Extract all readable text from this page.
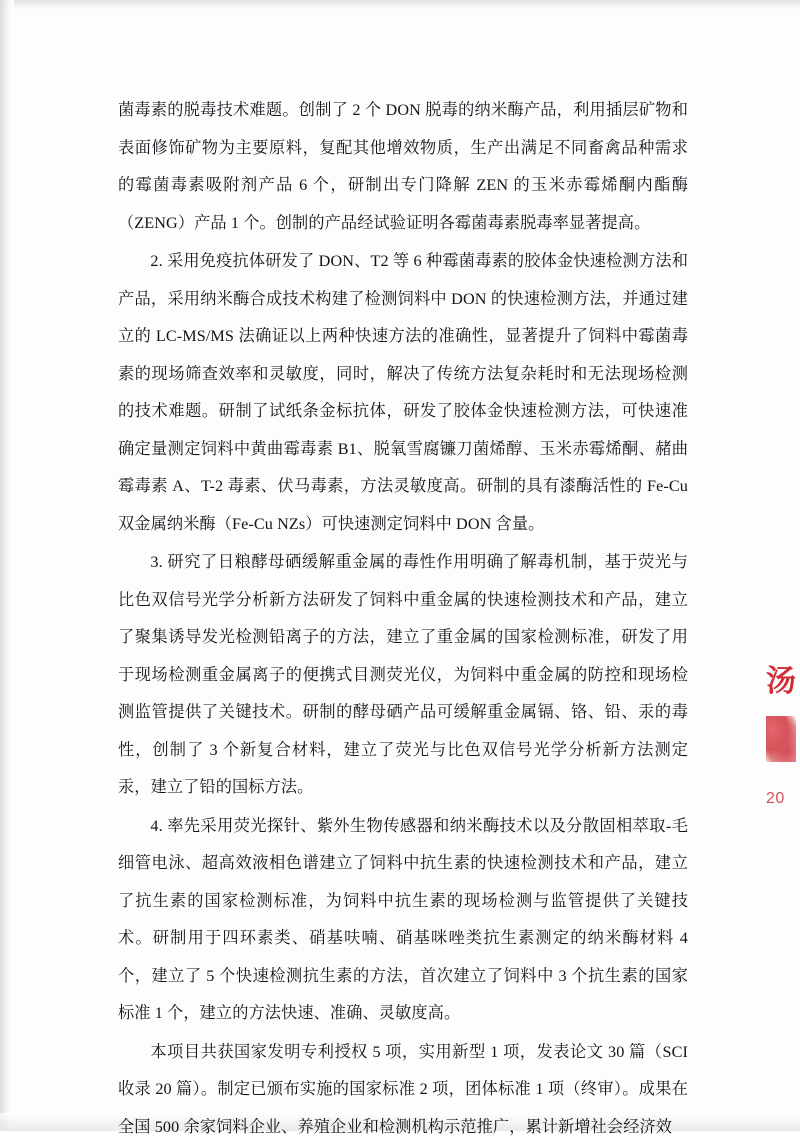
菌毒素的脱毒技术难题。创制了 2 个 DON 脱毒的纳米酶产品，利用插层矿物和表面修饰矿物为主要原料，复配其他增效物质，生产出满足不同畜禽品种需求的霉菌毒素吸附剂产品 6 个，研制出专门降解 ZEN 的玉米赤霉烯酮内酯酶（ZENG）产品 1 个。创制的产品经试验证明各霉菌毒素脱毒率显著提高。

2. 采用免疫抗体研发了 DON、T2 等 6 种霉菌毒素的胶体金快速检测方法和产品，采用纳米酶合成技术构建了检测饲料中 DON 的快速检测方法，并通过建立的 LC-MS/MS 法确证以上两种快速方法的准确性，显著提升了饲料中霉菌毒素的现场筛查效率和灵敏度，同时，解决了传统方法复杂耗时和无法现场检测的技术难题。研制了试纸条金标抗体，研发了胶体金快速检测方法，可快速准确定量测定饲料中黄曲霉毒素 B1、脱氧雪腐镰刀菌烯醇、玉米赤霉烯酮、赭曲霉毒素 A、T-2 毒素、伏马毒素，方法灵敏度高。研制的具有漆酶活性的 Fe-Cu 双金属纳米酶（Fe-Cu NZs）可快速测定饲料中 DON 含量。

3. 研究了日粮酵母硒缓解重金属的毒性作用明确了解毒机制，基于荧光与比色双信号光学分析新方法研发了饲料中重金属的快速检测技术和产品，建立了聚集诱导发光检测铅离子的方法，建立了重金属的国家检测标准，研发了用于现场检测重金属离子的便携式目测荧光仪，为饲料中重金属的防控和现场检测监管提供了关键技术。研制的酵母硒产品可缓解重金属镉、铬、铅、汞的毒性，创制了 3 个新复合材料，建立了荧光与比色双信号光学分析新方法测定汞，建立了铅的国标方法。

4. 率先采用荧光探针、紫外生物传感器和纳米酶技术以及分散固相萃取-毛细管电泳、超高效液相色谱建立了饲料中抗生素的快速检测技术和产品，建立了抗生素的国家检测标准，为饲料中抗生素的现场检测与监管提供了关键技术。研制用于四环素类、硝基呋喃、硝基咪唑类抗生素测定的纳米酶材料 4 个，建立了 5 个快速检测抗生素的方法，首次建立了饲料中 3 个抗生素的国家标准 1 个，建立的方法快速、准确、灵敏度高。

本项目共获国家发明专利授权 5 项，实用新型 1 项，发表论文 30 篇（SCI 收录 20 篇）。制定已颁布实施的国家标准 2 项，团体标准 1 项（终审）。成果在全国 500 余家饲料企业、养殖企业和检测机构示范推广，累计新增社会经济效

汤
20
